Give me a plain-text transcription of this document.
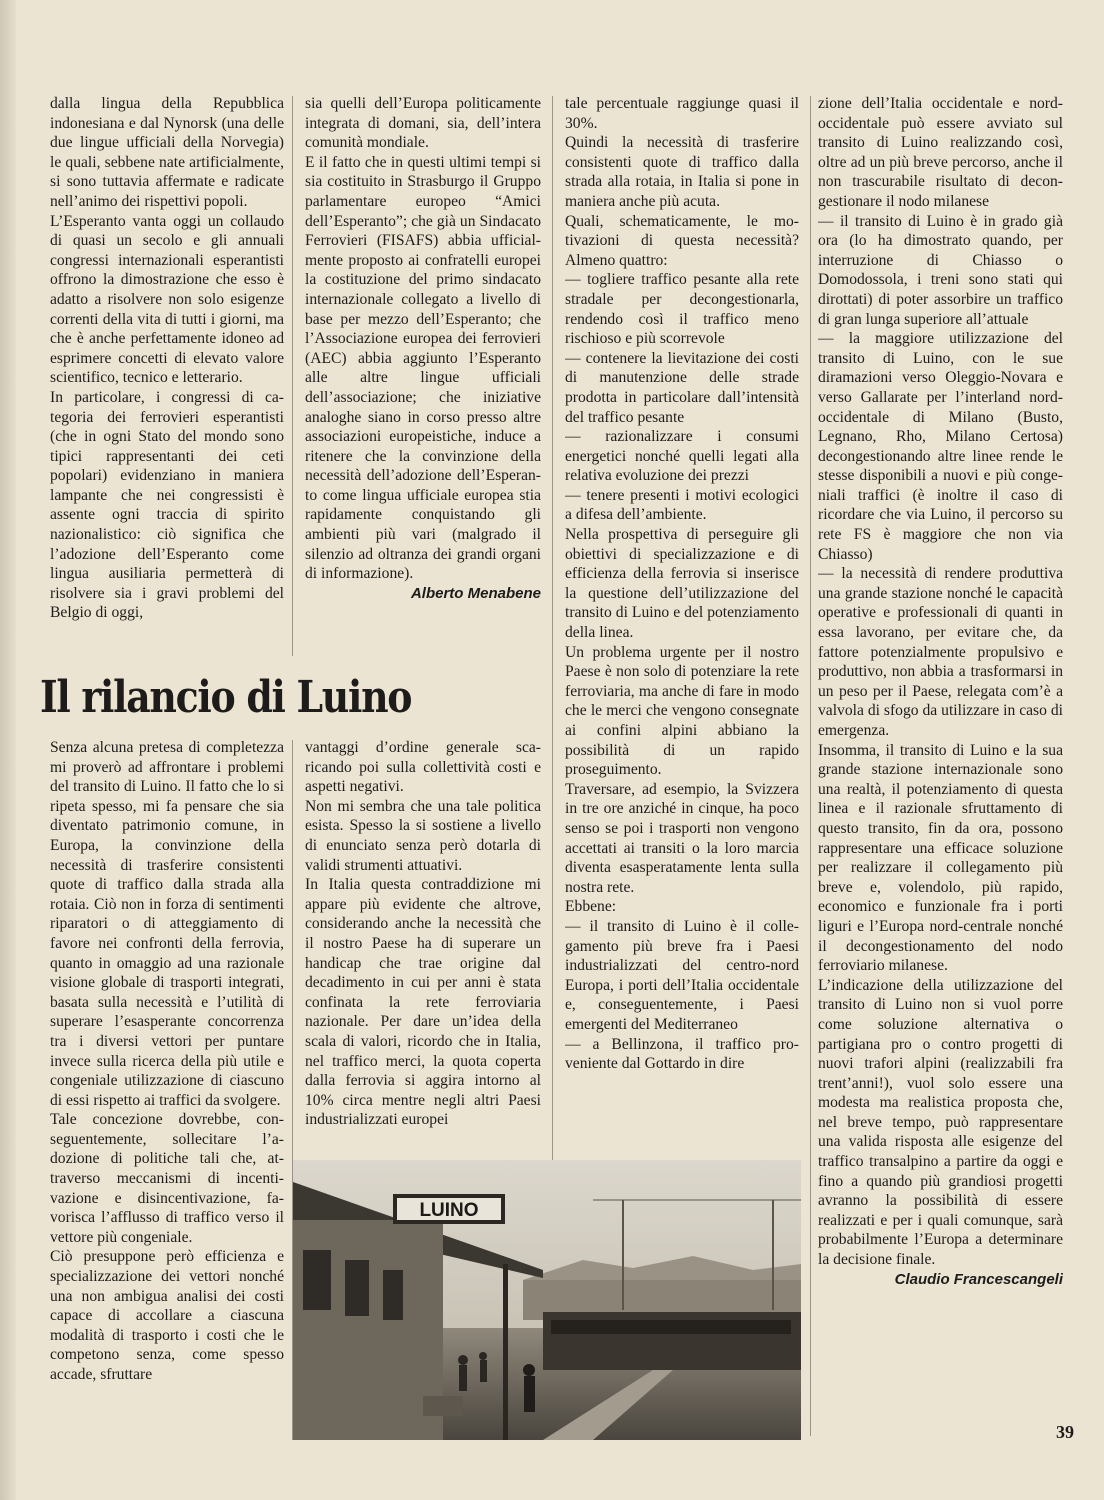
dalla lingua della Repubblica indonesiana e dal Nynorsk (una delle due lingue ufficiali della Norvegia) le quali, sebbene nate artificialmente, si sono tuttavia affermate e radicate nell’animo dei rispettivi popoli.

L’Esperanto vanta oggi un collaudo di quasi un secolo e gli annuali congressi internazionali esperantisti offrono la dimostrazione che esso è adatto a risolvere non solo esigenze correnti della vita di tutti i giorni, ma che è anche perfettamente idoneo ad esprimere concetti di elevato valore scientifico, tecnico e letterario.

In particolare, i congressi di categoria dei ferrovieri esperantisti (che in ogni Stato del mondo sono tipici rappresentanti dei ceti popolari) evidenziano in maniera lampante che nei congressisti è assente ogni traccia di spirito nazionalistico: ciò significa che l’adozione dell’Esperanto come lingua ausiliaria permetterà di risolvere sia i gravi problemi del Belgio di oggi,

sia quelli dell’Europa politicamente integrata di domani, sia, dell’intera comunità mondiale.

E il fatto che in questi ultimi tempi si sia costituito in Strasburgo il Gruppo parlamentare europeo “Amici dell’Esperanto”; che già un Sindacato Ferrovieri (FISAFS) abbia ufficialmente proposto ai confratelli europei la costituzione del primo sindacato internazionale collegato a livello di base per mezzo dell’Esperanto; che l’Associazione europea dei ferrovieri (AEC) abbia aggiunto l’Esperanto alle altre lingue ufficiali dell’associazione; che iniziative analoghe siano in corso presso altre associazioni europeistiche, induce a ritenere che la convinzione della necessità dell’adozione dell’Esperanto come lingua ufficiale europea stia rapidamente conquistando gli ambienti più vari (malgrado il silenzio ad oltranza dei grandi organi di informazione).

Alberto Menabene

Il rilancio di Luino

Senza alcuna pretesa di completezza mi proverò ad affrontare i problemi del transito di Luino. Il fatto che lo si ripeta spesso, mi fa pensare che sia diventato patrimonio comune, in Europa, la convinzione della necessità di trasferire consistenti quote di traffico dalla strada alla rotaia. Ciò non in forza di sentimenti riparatori o di atteggiamento di favore nei confronti della ferrovia, quanto in omaggio ad una razionale visione globale di trasporti integrati, basata sulla necessità e l’utilità di superare l’esasperante concorrenza tra i diversi vettori per puntare invece sulla ricerca della più utile e congeniale utilizzazione di ciascuno di essi rispetto ai traffici da svolgere.

Tale concezione dovrebbe, conseguentemente, sollecitare l’adozione di politiche tali che, attraverso meccanismi di incentivazione e disincentivazione, favorisca l’afflusso di traffico verso il vettore più congeniale.

Ciò presuppone però efficienza e specializzazione dei vettori nonché una non ambigua analisi dei costi capace di accollare a ciascuna modalità di trasporto i costi che le competono senza, come spesso accade, sfruttare

vantaggi d’ordine generale scaricando poi sulla collettività costi e aspetti negativi.

Non mi sembra che una tale politica esista. Spesso la si sostiene a livello di enunciato senza però dotarla di validi strumenti attuativi.

In Italia questa contraddizione mi appare più evidente che altrove, considerando anche la necessità che il nostro Paese ha di superare un handicap che trae origine dal decadimento in cui per anni è stata confinata la rete ferroviaria nazionale. Per dare un’idea della scala di valori, ricordo che in Italia, nel traffico merci, la quota coperta dalla ferrovia si aggira intorno al 10% circa mentre negli altri Paesi industrializzati europei

tale percentuale raggiunge quasi il 30%.

Quindi la necessità di trasferire consistenti quote di traffico dalla strada alla rotaia, in Italia si pone in maniera anche più acuta.

Quali, schematicamente, le motivazioni di questa necessità? Almeno quattro:

— togliere traffico pesante alla rete stradale per decongestionarla, rendendo così il traffico meno rischioso e più scorrevole

— contenere la lievitazione dei costi di manutenzione delle strade prodotta in particolare dall’intensità del traffico pesante

— razionalizzare i consumi energetici nonché quelli legati alla relativa evoluzione dei prezzi

— tenere presenti i motivi ecologici a difesa dell’ambiente.

Nella prospettiva di perseguire gli obiettivi di specializzazione e di efficienza della ferrovia si inserisce la questione dell’utilizzazione del transito di Luino e del potenziamento della linea.

Un problema urgente per il nostro Paese è non solo di potenziare la rete ferroviaria, ma anche di fare in modo che le merci che vengono consegnate ai confini alpini abbiano la possibilità di un rapido proseguimento.

Traversare, ad esempio, la Svizzera in tre ore anziché in cinque, ha poco senso se poi i trasporti non vengono accettati ai transiti o la loro marcia diventa esasperatamente lenta sulla nostra rete.

Ebbene:

— il transito di Luino è il collegamento più breve fra i Paesi industrializzati del centro-nord Europa, i porti dell’Italia occidentale e, conseguentemente, i Paesi emergenti del Mediterraneo

— a Bellinzona, il traffico proveniente dal Gottardo in dire

zione dell’Italia occidentale e nord-occidentale può essere avviato sul transito di Luino realizzando così, oltre ad un più breve percorso, anche il non trascurabile risultato di decongestionare il nodo milanese

— il transito di Luino è in grado già ora (lo ha dimostrato quando, per interruzione di Chiasso o Domodossola, i treni sono stati qui dirottati) di poter assorbire un traffico di gran lunga superiore all’attuale

— la maggiore utilizzazione del transito di Luino, con le sue diramazioni verso Oleggio-Novara e verso Gallarate per l’interland nord-occidentale di Milano (Busto, Legnano, Rho, Milano Certosa) decongestionando altre linee rende le stesse disponibili a nuovi e più congeniali traffici (è inoltre il caso di ricordare che via Luino, il percorso su rete FS è maggiore che non via Chiasso)

— la necessità di rendere produttiva una grande stazione nonché le capacità operative e professionali di quanti in essa lavorano, per evitare che, da fattore potenzialmente propulsivo e produttivo, non abbia a trasformarsi in un peso per il Paese, relegata com’è a valvola di sfogo da utilizzare in caso di emergenza.

Insomma, il transito di Luino e la sua grande stazione internazionale sono una realtà, il potenziamento di questa linea e il razionale sfruttamento di questo transito, fin da ora, possono rappresentare una efficace soluzione per realizzare il collegamento più breve e, volendolo, più rapido, economico e funzionale fra i porti liguri e l’Europa nord-centrale nonché il decongestionamento del nodo ferroviario milanese.

L’indicazione della utilizzazione del transito di Luino non si vuol porre come soluzione alternativa o partigiana pro o contro progetti di nuovi trafori alpini (realizzabili fra trent’anni!), vuol solo essere una modesta ma realistica proposta che, nel breve tempo, può rappresentare una valida risposta alle esigenze del traffico transalpino a partire da oggi e fino a quando più grandiosi progetti avranno la possibilità di essere realizzati e per i quali comunque, sarà probabilmente l’Europa a determinare la decisione finale.

Claudio Francescangeli

LUINO
39
